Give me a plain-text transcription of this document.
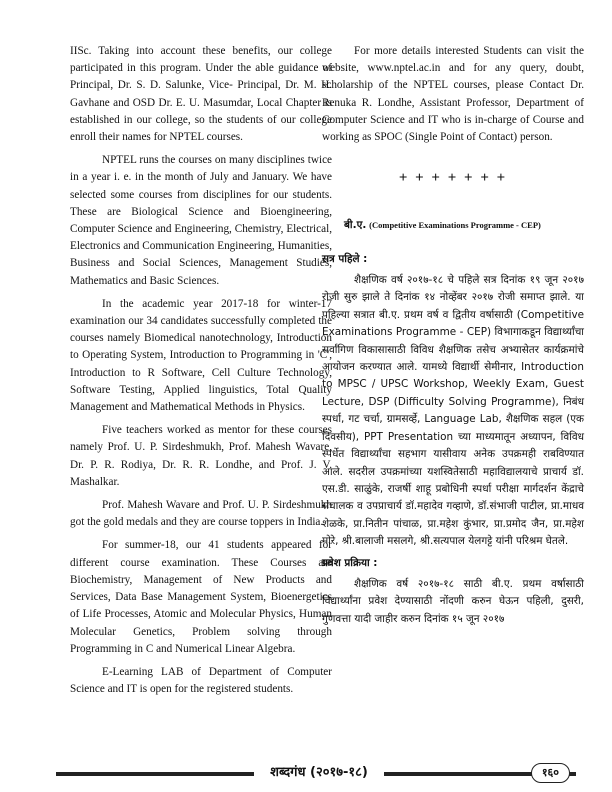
IISc. Taking into account these benefits, our college participated in this program. Under the able guidance of Principal, Dr. S. D. Salunke, Vice- Principal, Dr. M. H. Gavhane and OSD Dr. E. U. Masumdar, Local Chapter is established in our college, so the students of our college enroll their names for NPTEL courses.

NPTEL runs the courses on many disciplines twice in a year i. e. in the month of July and January. We have selected some courses from disciplines for our students. These are Biological Science and Bioengineering, Computer Science and Engineering, Chemistry, Electrical, Electronics and Communication Engineering, Humanities, Business and Social Sciences, Management Studies, Mathematics and Basic Sciences.

In the academic year 2017-18 for winter-17 examination our 34 candidates successfully completed the courses namely Biomedical nanotechnology, Introduction to Operating System, Introduction to Programming in 'C', Introduction to R Software, Cell Culture Technology, Software Testing, Applied linguistics, Total Quality Management and Mathematical Methods in Physics.

Five teachers worked as mentor for these courses namely Prof. U. P. Sirdeshmukh, Prof. Mahesh Wavare, Dr. P. R. Rodiya, Dr. R. R. Londhe, and Prof. J. V. Mashalkar.

Prof. Mahesh Wavare and Prof. U. P. Sirdeshmukh got the gold medals and they are course toppers in India.

For summer-18, our 41 students appeared for different course examination. These Courses are Biochemistry, Management of New Products and Services, Data Base Management System, Bioenergetics of Life Processes, Atomic and Molecular Physics, Human Molecular Genetics, Problem solving through Programming in C and Numerical Linear Algebra.

E-Learning LAB of Department of Computer Science and IT is open for the registered students.

For more details interested Students can visit the website, www.nptel.ac.in and for any query, doubt, scholarship of the NPTEL courses, please Contact Dr. Renuka R. Londhe, Assistant Professor, Department of Computer Science and IT who is in-charge of Course and working as SPOC (Single Point of Contact) person.

+ + + + + + +
बी.ए. (Competitive Examinations Programme - CEP)
सत्र पहिले :

शैक्षणिक वर्ष २०१७-१८ चे पहिले सत्र दिनांक १९ जून २०१७ रोजी सुरु झाले ते दिनांक १४ नोव्हेंबर २०१७ रोजी समाप्त झाले. या पहिल्या सत्रात बी.ए. प्रथम वर्ष व द्वितीय वर्षासाठी (Competitive Examinations Programme - CEP) विभागाकडून विद्यार्थ्यांचा सर्वांगिण विकासासाठी विविध शैक्षणिक तसेच अभ्यासेतर कार्यक्रमांचे आयोजन करण्यात आले. यामध्ये विद्यार्थी सेमीनार, Introduction to MPSC / UPSC Workshop, Weekly Exam, Guest Lecture, DSP (Difficulty Solving Programme), निबंध स्पर्धा, गट चर्चा, ग्रामसर्व्हे, Language Lab, शैक्षणिक सहल (एक दिवसीय), PPT Presentation च्या माध्यमातून अध्यापन, विविध स्पर्धेत विद्यार्थ्यांचा सहभाग यासीवाय अनेक उपक्रमही राबविण्यात आले. सदरील उपक्रमांच्या यशस्वितेसाठी महाविद्यालयाचे प्राचार्य डॉ. एस.डी. साळुंके, राजर्षी शाहू प्रबोधिनी स्पर्धा परीक्षा मार्गदर्शन केंद्राचे संचालक व उपप्राचार्य डॉ.महादेव गव्हाणे, डॉ.संभाजी पाटील, प्रा.माधव शेळके, प्रा.नितीन पांचाळ, प्रा.महेश कुंभार, प्रा.प्रमोद जैन, प्रा.महेश मोरे, श्री.बालाजी मसलगे, श्री.सत्यपाल येलगट्टे यांनी परिश्रम घेतले.

प्रवेश प्रक्रिया :

शैक्षणिक वर्ष २०१७-१८ साठी बी.ए. प्रथम वर्षासाठी विद्यार्थ्यांना प्रवेश देण्यासाठी नोंदणी करुन घेऊन पहिली, दुसरी, गुणवत्ता यादी जाहीर करुन दिनांक १५ जून २०१७

शब्दगंध (२०१७-१८)	१६०
